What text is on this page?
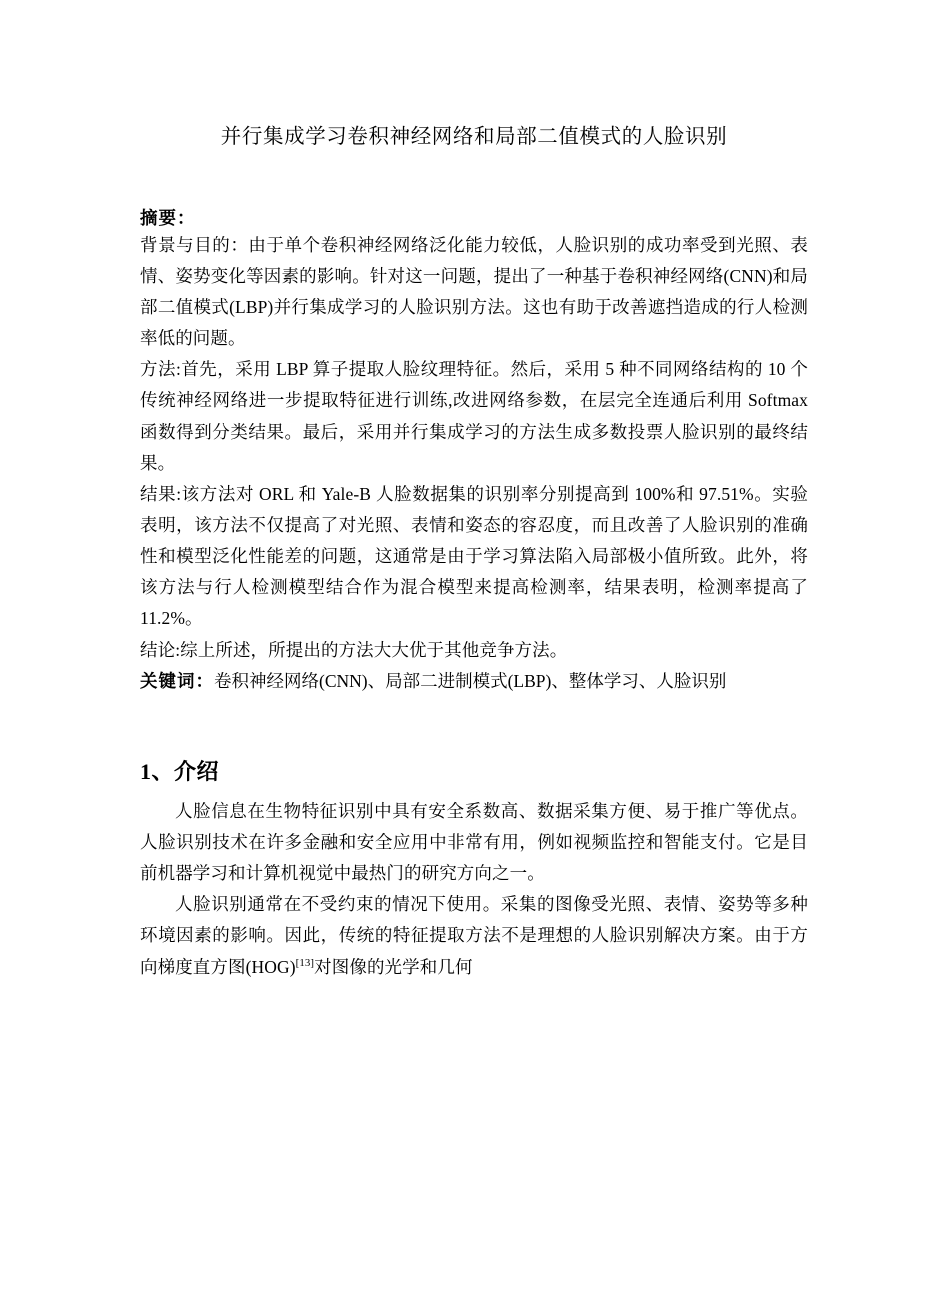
并行集成学习卷积神经网络和局部二值模式的人脸识别
摘要：

背景与目的：由于单个卷积神经网络泛化能力较低，人脸识别的成功率受到光照、表情、姿势变化等因素的影响。针对这一问题，提出了一种基于卷积神经网络(CNN)和局部二值模式(LBP)并行集成学习的人脸识别方法。这也有助于改善遮挡造成的行人检测率低的问题。

方法:首先，采用 LBP 算子提取人脸纹理特征。然后，采用 5 种不同网络结构的 10 个传统神经网络进一步提取特征进行训练,改进网络参数，在层完全连通后利用 Softmax 函数得到分类结果。最后，采用并行集成学习的方法生成多数投票人脸识别的最终结果。

结果:该方法对 ORL 和 Yale-B 人脸数据集的识别率分别提高到 100%和 97.51%。实验表明，该方法不仅提高了对光照、表情和姿态的容忍度，而且改善了人脸识别的准确性和模型泛化性能差的问题，这通常是由于学习算法陷入局部极小值所致。此外，将该方法与行人检测模型结合作为混合模型来提高检测率，结果表明，检测率提高了 11.2%。

结论:综上所述，所提出的方法大大优于其他竞争方法。

关键词：卷积神经网络(CNN)、局部二进制模式(LBP)、整体学习、人脸识别

1、介绍

人脸信息在生物特征识别中具有安全系数高、数据采集方便、易于推广等优点。人脸识别技术在许多金融和安全应用中非常有用，例如视频监控和智能支付。它是目前机器学习和计算机视觉中最热门的研究方向之一。

人脸识别通常在不受约束的情况下使用。采集的图像受光照、表情、姿势等多种环境因素的影响。因此，传统的特征提取方法不是理想的人脸识别解决方案。由于方向梯度直方图(HOG)[13]对图像的光学和几何
